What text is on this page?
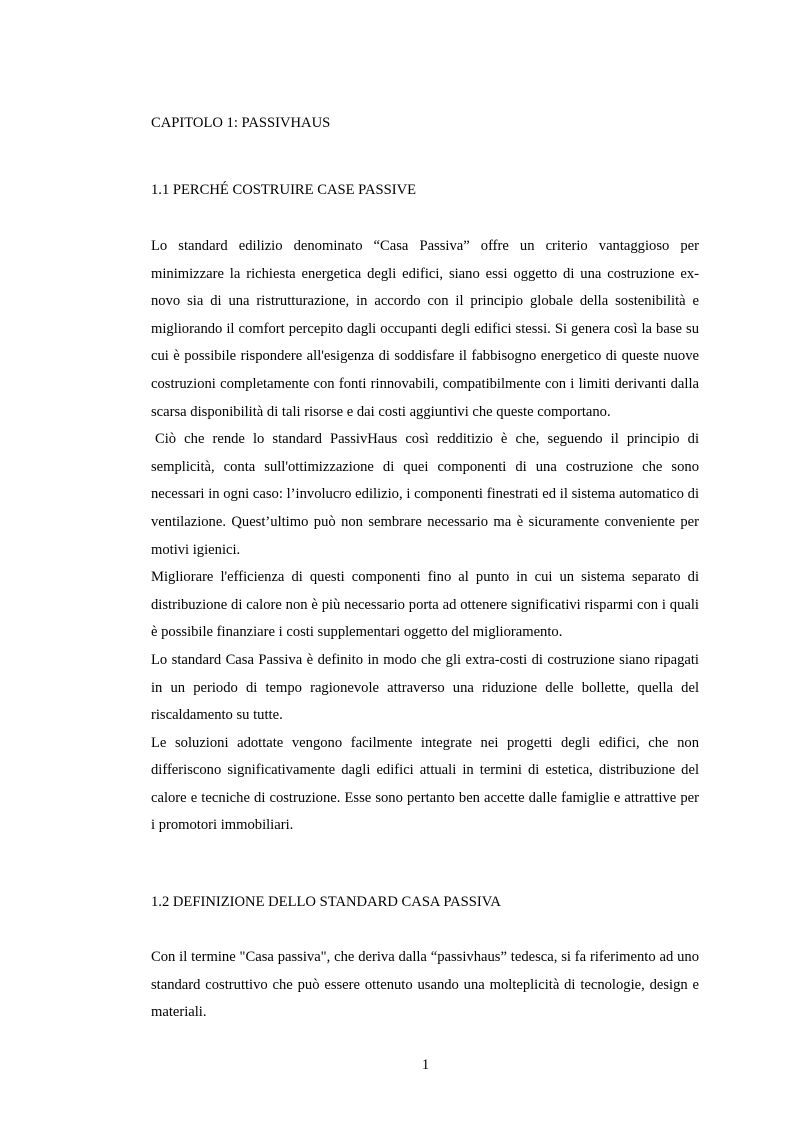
CAPITOLO 1: PASSIVHAUS
1.1 PERCHÉ COSTRUIRE CASE PASSIVE

Lo standard edilizio denominato “Casa Passiva” offre un criterio vantaggioso per minimizzare la richiesta energetica degli edifici, siano essi oggetto di una costruzione ex-novo sia di una ristrutturazione, in accordo con il principio globale della sostenibilità e migliorando il comfort percepito dagli occupanti degli edifici stessi. Si genera così la base su cui è possibile rispondere all'esigenza di soddisfare il fabbisogno energetico di queste nuove costruzioni completamente con fonti rinnovabili, compatibilmente con i limiti derivanti dalla scarsa disponibilità di tali risorse e dai costi aggiuntivi che queste comportano.

Ciò che rende lo standard PassivHaus così redditizio è che, seguendo il principio di semplicità, conta sull'ottimizzazione di quei componenti di una costruzione che sono necessari in ogni caso: l’involucro edilizio, i componenti finestrati ed il sistema automatico di ventilazione. Quest’ultimo può non sembrare necessario ma è sicuramente conveniente per motivi igienici.

Migliorare l'efficienza di questi componenti fino al punto in cui un sistema separato di distribuzione di calore non è più necessario porta ad ottenere significativi risparmi con i quali è possibile finanziare i costi supplementari oggetto del miglioramento.

Lo standard Casa Passiva è definito in modo che gli extra-costi di costruzione siano ripagati in un periodo di tempo ragionevole attraverso una riduzione delle bollette, quella del riscaldamento su tutte.

Le soluzioni adottate vengono facilmente integrate nei progetti degli edifici, che non differiscono significativamente dagli edifici attuali in termini di estetica, distribuzione del calore e tecniche di costruzione. Esse sono pertanto ben accette dalle famiglie e attrattive per i promotori immobiliari.

1.2 DEFINIZIONE DELLO STANDARD CASA PASSIVA

Con il termine "Casa passiva", che deriva dalla “passivhaus” tedesca, si fa riferimento ad uno standard costruttivo che può essere ottenuto usando una molteplicità di tecnologie, design e materiali.

1
